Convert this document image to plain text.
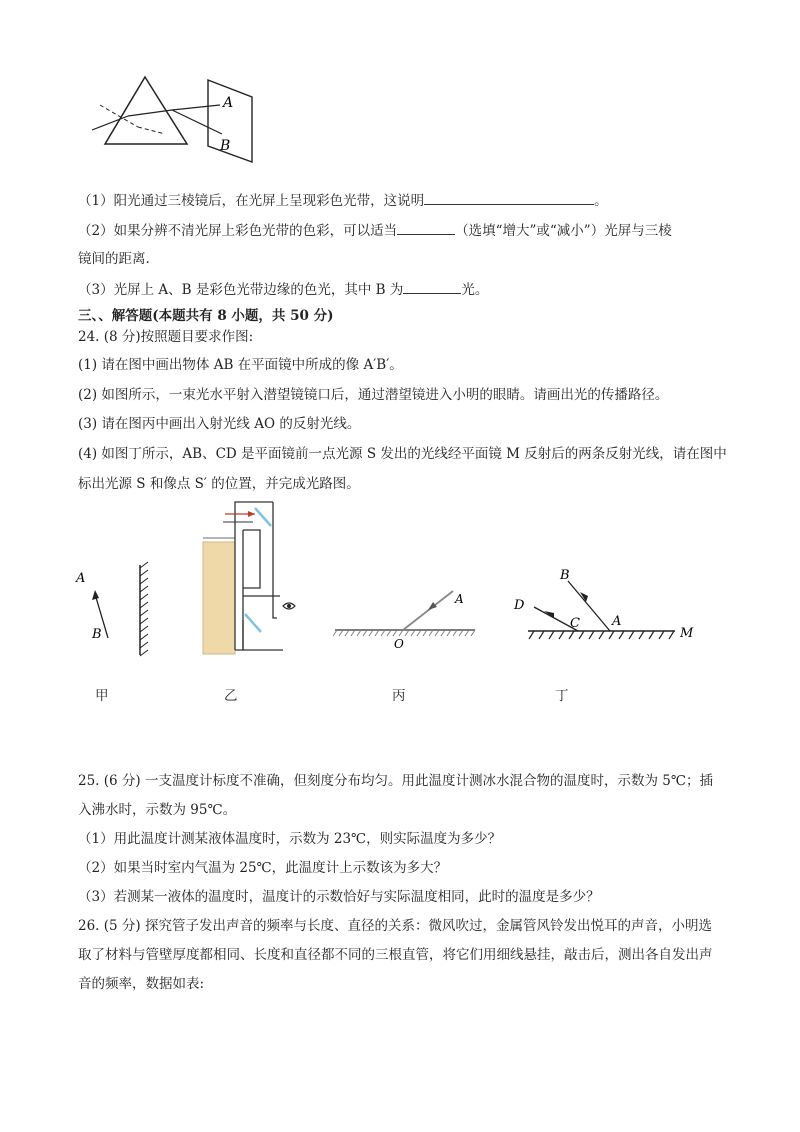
A
B
（1）阳光通过三棱镜后，在光屏上呈现彩色光带，这说明	。
（2）如果分辨不清光屏上彩色光带的色彩，可以适当	（选填“增大”或“减小”）光屏与三棱
镜间的距离.
（3）光屏上 A、B 是彩色光带边缘的色光，其中 B 为	光。
三、、解答题(本题共有 8 小题，共 50 分)
24. (8 分)按照题目要求作图:
(1) 请在图中画出物体 AB 在平面镜中所成的像 A′B′。
(2) 如图所示，一束光水平射入潜望镜镜口后，通过潜望镜进入小明的眼睛。请画出光的传播路径。
(3) 请在图丙中画出入射光线 AO 的反射光线。
(4) 如图丁所示，AB、CD 是平面镜前一点光源 S 发出的光线经平面镜 M 反射后的两条反射光线，请在图中
标出光源 S 和像点 S′ 的位置，并完成光路图。
A
B
A
O
B
D
C A
M
甲	乙	丙	丁
25. (6 分) 一支温度计标度不准确，但刻度分布均匀。用此温度计测冰水混合物的温度时，示数为 5℃；插
入沸水时，示数为 95℃。
（1）用此温度计测某液体温度时，示数为 23℃，则实际温度为多少？
（2）如果当时室内气温为 25℃，此温度计上示数该为多大？
（3）若测某一液体的温度时，温度计的示数恰好与实际温度相同，此时的温度是多少？
26. (5 分) 探究管子发出声音的频率与长度、直径的关系：微风吹过，金属管风铃发出悦耳的声音，小明选
取了材料与管壁厚度都相同、长度和直径都不同的三根直管，将它们用细线悬挂，敲击后，测出各自发出声
音的频率，数据如表:
